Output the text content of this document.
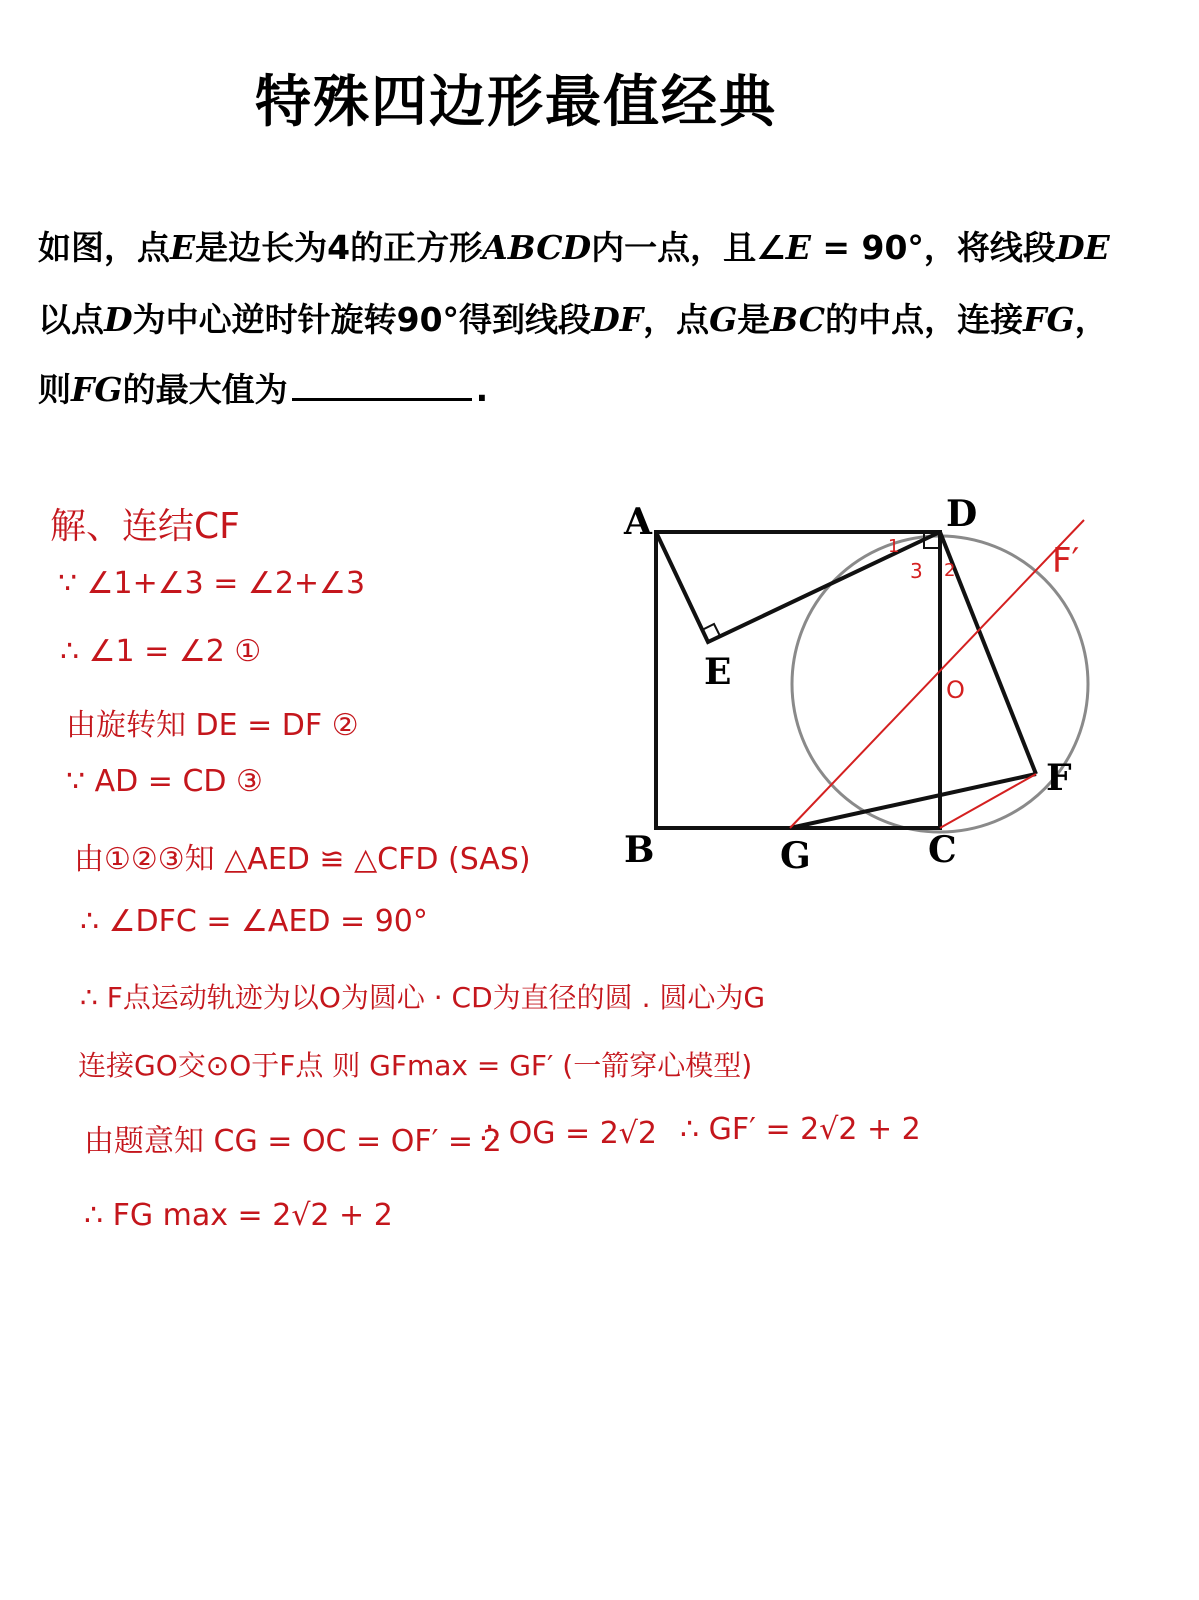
特殊四边形最值经典
如图，点E是边长为4的正方形ABCD内一点，且∠E = 90°，将线段DE
以点D为中心逆时针旋转90°得到线段DF，点G是BC的中点，连接FG，
则FG的最大值为	.
解、连结CF
∵ ∠1+∠3 = ∠2+∠3
∴ ∠1 = ∠2 ①
由旋转知 DE = DF ②
∵ AD = CD ③
由①②③知 △AED ≌ △CFD (SAS)
∴ ∠DFC = ∠AED = 90°
∴ F点运动轨迹为以O为圆心 · CD为直径的圆 . 圆心为G
连接GO交⊙O于F点 则 GFmax = GF′ (一箭穿心模型)
由题意知 CG = OC = OF′ = 2
∴ OG = 2√2 ∴ GF′ = 2√2 + 2
∴ FG max = 2√2 + 2
A	D
B	C
G
E
F
F′
O
1
3 2
